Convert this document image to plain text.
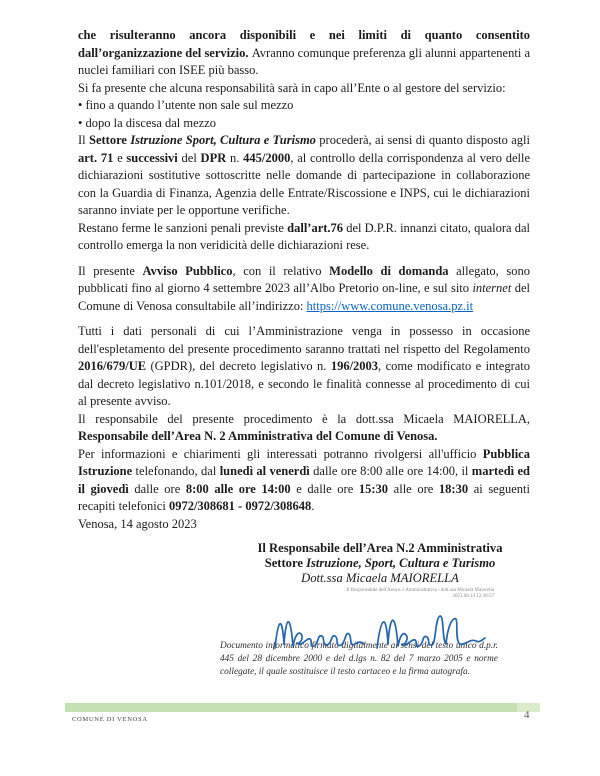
che risulteranno ancora disponibili e nei limiti di quanto consentito dall’organizzazione del servizio. Avranno comunque preferenza gli alunni appartenenti a nuclei familiari con ISEE più basso.

Si fa presente che alcuna responsabilità sarà in capo all’Ente o al gestore del servizio:

• fino a quando l’utente non sale sul mezzo

• dopo la discesa dal mezzo

Il Settore Istruzione Sport, Cultura e Turismo procederà, ai sensi di quanto disposto agli art. 71 e successivi del DPR n. 445/2000, al controllo della corrispondenza al vero delle dichiarazioni sostitutive sottoscritte nelle domande di partecipazione in collaborazione con la Guardia di Finanza, Agenzia delle Entrate/Riscossione e INPS, cui le dichiarazioni saranno inviate per le opportune verifiche.

Restano ferme le sanzioni penali previste dall’art.76 del D.P.R. innanzi citato, qualora dal controllo emerga la non veridicità delle dichiarazioni rese.

Il presente Avviso Pubblico, con il relativo Modello di domanda allegato, sono pubblicati fino al giorno 4 settembre 2023 all’Albo Pretorio on-line, e sul sito internet del Comune di Venosa consultabile all’indirizzo: https://www.comune.venosa.pz.it

Tutti i dati personali di cui l’Amministrazione venga in possesso in occasione dell'espletamento del presente procedimento saranno trattati nel rispetto del Regolamento 2016/679/UE (GPDR), del decreto legislativo n. 196/2003, come modificato e integrato dal decreto legislativo n.101/2018, e secondo le finalità connesse al procedimento di cui al presente avviso.

Il responsabile del presente procedimento è la dott.ssa Micaela MAIORELLA, Responsabile dell’Area N. 2 Amministrativa del Comune di Venosa.

Per informazioni e chiarimenti gli interessati potranno rivolgersi all'ufficio Pubblica Istruzione telefonando, dal lunedì al venerdì dalle ore 8:00 alle ore 14:00, il martedì ed il giovedì dalle ore 8:00 alle ore 14:00 e dalle ore 15:30 alle ore 18:30 ai seguenti recapiti telefonici 0972/308681 - 0972/308648.

Venosa, 14 agosto 2023

Il Responsabile dell’Area N.2 Amministrativa
Settore Istruzione, Sport, Cultura e Turismo
Dott.ssa Micaela MAIORELLA
Il Responsabile dell'Area n.1 Amministrativa - dott.ssa Micaela Maiorella
2023.08.14 12:30:57
Documento informatico firmato digitalmente ai sensi del testo unico d.p.r. 445 del 28 dicembre 2000 e del d.lgs n. 82 del 7 marzo 2005 e norme collegate, il quale sostituisce il testo cartaceo e la firma autografa.
COMUNE DI VENOSA	4
